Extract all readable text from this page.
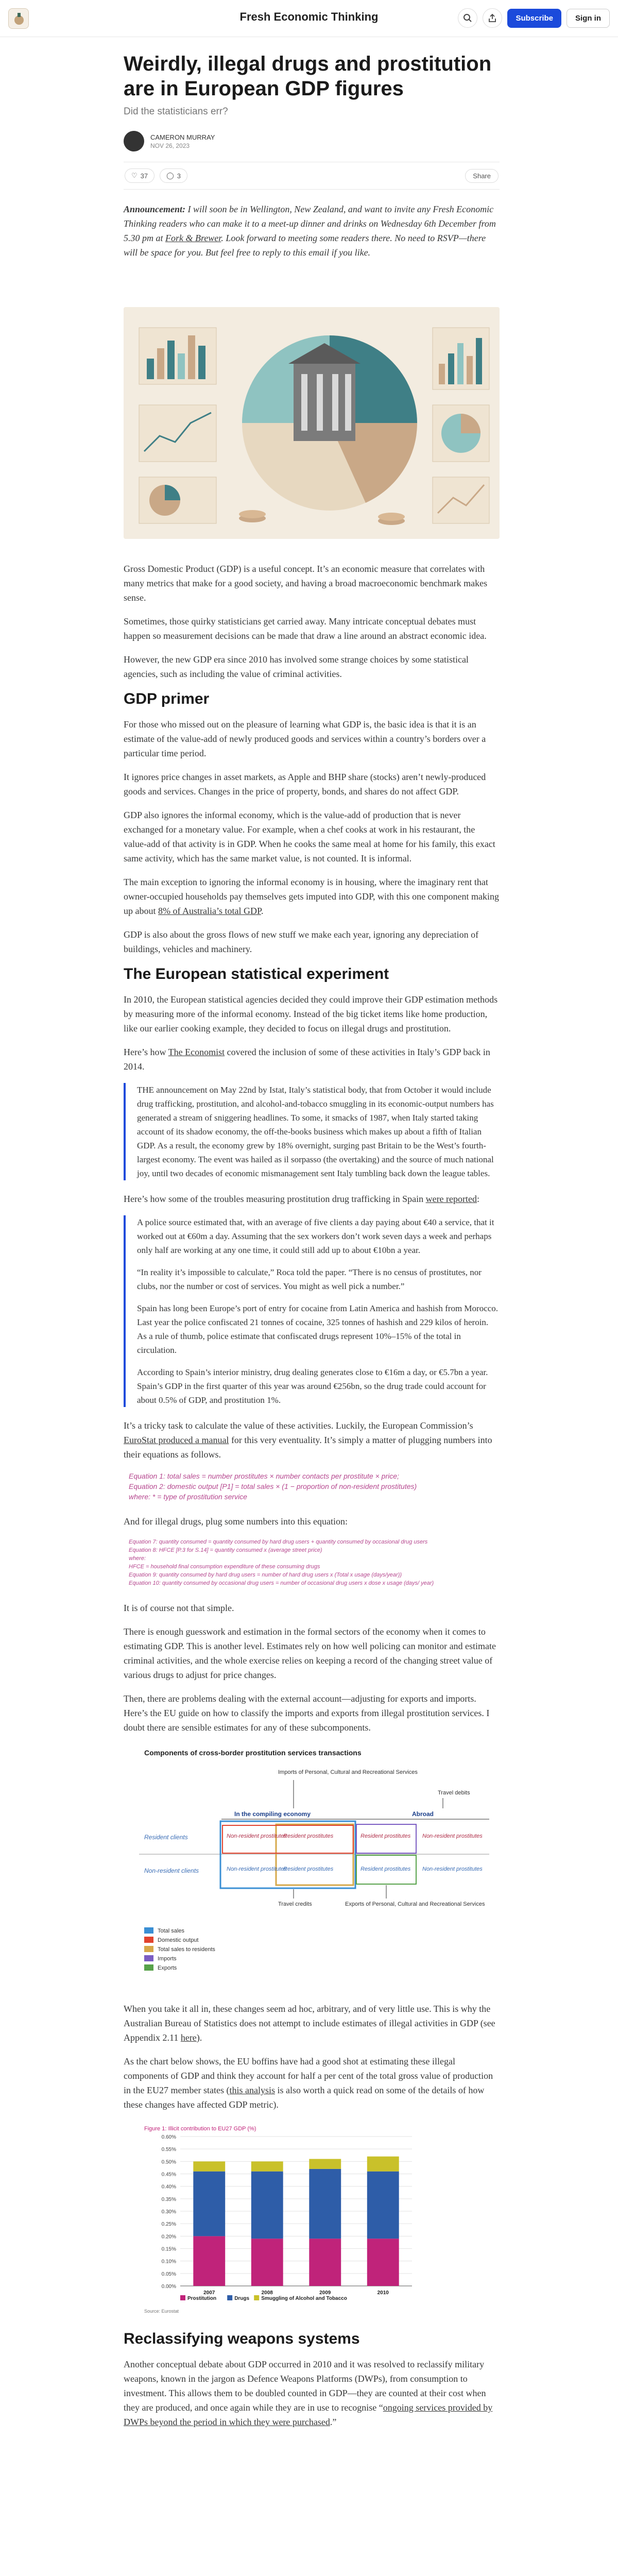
Fresh Economic Thinking	Subscribe	Sign in
Weirdly, illegal drugs and prostitution are in European GDP figures
Did the statisticians err?
CAMERON MURRAY
NOV 26, 2023
♡ 37	◯ 3	Share

Announcement: I will soon be in Wellington, New Zealand, and want to invite any Fresh Economic Thinking readers who can make it to a meet-up dinner and drinks on Wednesday 6th December from 5.30 pm at Fork & Brewer. Look forward to meeting some readers there. No need to RSVP—there will be space for you. But feel free to reply to this email if you like.

Gross Domestic Product (GDP) is a useful concept. It’s an economic measure that correlates with many metrics that make for a good society, and having a broad macroeconomic benchmark makes sense.

Sometimes, those quirky statisticians get carried away. Many intricate conceptual debates must happen so measurement decisions can be made that draw a line around an abstract economic idea.

However, the new GDP era since 2010 has involved some strange choices by some statistical agencies, such as including the value of criminal activities.

GDP primer

For those who missed out on the pleasure of learning what GDP is, the basic idea is that it is an estimate of the value-add of newly produced goods and services within a country’s borders over a particular time period.

It ignores price changes in asset markets, as Apple and BHP share (stocks) aren’t newly-produced goods and services. Changes in the price of property, bonds, and shares do not affect GDP.

GDP also ignores the informal economy, which is the value-add of production that is never exchanged for a monetary value. For example, when a chef cooks at work in his restaurant, the value-add of that activity is in GDP. When he cooks the same meal at home for his family, this exact same activity, which has the same market value, is not counted. It is informal.

The main exception to ignoring the informal economy is in housing, where the imaginary rent that owner-occupied households pay themselves gets imputed into GDP, with this one component making up about 8% of Australia’s total GDP.

GDP is also about the gross flows of new stuff we make each year, ignoring any depreciation of buildings, vehicles and machinery.

The European statistical experiment

In 2010, the European statistical agencies decided they could improve their GDP estimation methods by measuring more of the informal economy. Instead of the big ticket items like home production, like our earlier cooking example, they decided to focus on illegal drugs and prostitution.

Here’s how The Economist covered the inclusion of some of these activities in Italy’s GDP back in 2014.

THE announcement on May 22nd by Istat, Italy’s statistical body, that from October it would include drug trafficking, prostitution, and alcohol-and-tobacco smuggling in its economic-output numbers has generated a stream of sniggering headlines. To some, it smacks of 1987, when Italy started taking account of its shadow economy, the off-the-books business which makes up about a fifth of Italian GDP. As a result, the economy grew by 18% overnight, surging past Britain to be the West’s fourth-largest economy. The event was hailed as il sorpasso (the overtaking) and the source of much national joy, until two decades of economic mismanagement sent Italy tumbling back down the league tables.

Here’s how some of the troubles measuring prostitution drug trafficking in Spain were reported:

A police source estimated that, with an average of five clients a day paying about €40 a service, that it worked out at €60m a day. Assuming that the sex workers don’t work seven days a week and perhaps only half are working at any one time, it could still add up to about €10bn a year.

“In reality it’s impossible to calculate,” Roca told the paper. “There is no census of prostitutes, nor clubs, nor the number or cost of services. You might as well pick a number.”

Spain has long been Europe’s port of entry for cocaine from Latin America and hashish from Morocco. Last year the police confiscated 21 tonnes of cocaine, 325 tonnes of hashish and 229 kilos of heroin. As a rule of thumb, police estimate that confiscated drugs represent 10%–15% of the total in circulation.

According to Spain’s interior ministry, drug dealing generates close to €16m a day, or €5.7bn a year. Spain’s GDP in the first quarter of this year was around €256bn, so the drug trade could account for about 0.5% of GDP, and prostitution 1%.

It’s a tricky task to calculate the value of these activities. Luckily, the European Commission’s EuroStat produced a manual for this very eventuality. It’s simply a matter of plugging numbers into their equations as follows.

Equation 1: total sales = number prostitutes × number contacts per prostitute × price;
Equation 2: domestic output [P1] = total sales × (1 − proportion of non-resident prostitutes)
where: * = type of prostitution service

And for illegal drugs, plug some numbers into this equation:

Equation 7: quantity consumed = quantity consumed by hard drug users + quantity consumed by occasional drug users
Equation 8: HFCE [P.3 for S.14] = quantity consumed x (average street price)
where:
HFCE = household final consumption expenditure of these consuming drugs
Equation 9: quantity consumed by hard drug users = number of hard drug users x (Total x usage (days/year))
Equation 10: quantity consumed by occasional drug users = number of occasional drug users x dose x usage (days/ year)

It is of course not that simple.

There is enough guesswork and estimation in the formal sectors of the economy when it comes to estimating GDP. This is another level. Estimates rely on how well policing can monitor and estimate criminal activities, and the whole exercise relies on keeping a record of the changing street value of various drugs to adjust for price changes.

Then, there are problems dealing with the external account—adjusting for exports and imports. Here’s the EU guide on how to classify the imports and exports from illegal prostitution services. I doubt there are sensible estimates for any of these subcomponents.

Components of cross-border prostitution services transactions
Imports of Personal, Cultural and Recreational Services
Travel debits
In the compiling economy	Abroad
Resident clients
Non-resident clients
Non-resident prostitutes
Resident prostitutes	Resident prostitutes Non-resident prostitutes
Non-resident prostitutes
Resident prostitutes	Resident prostitutes Non-resident prostitutes
Travel credits	Exports of Personal, Cultural and Recreational Services
Total sales
Domestic output
Total sales to residents
Imports
Exports

When you take it all in, these changes seem ad hoc, arbitrary, and of very little use. This is why the Australian Bureau of Statistics does not attempt to include estimates of illegal activities in GDP (see Appendix 2.11 here).

As the chart below shows, the EU boffins have had a good shot at estimating these illegal components of GDP and think they account for half a per cent of the total gross value of production in the EU27 member states (this analysis is also worth a quick read on some of the details of how these changes have affected GDP metric).

Figure 1: Illicit contribution to EU27 GDP (%)
0.00%
0.05%
0.10%
0.15%
0.20%
0.25%
0.30%
0.35%
0.40%
0.45%
0.50%
0.55%
0.60%
2007	2008	2009	2010
Prostitution	Drugs Smuggling of Alcohol and Tobacco
Source: Eurostat
Reclassifying weapons systems

Another conceptual debate about GDP occurred in 2010 and it was resolved to reclassify military weapons, known in the jargon as Defence Weapons Platforms (DWPs), from consumption to investment. This allows them to be doubled counted in GDP—they are counted at their cost when they are produced, and once again while they are in use to recognise “ongoing services provided by DWPs beyond the period in which they were purchased.”
